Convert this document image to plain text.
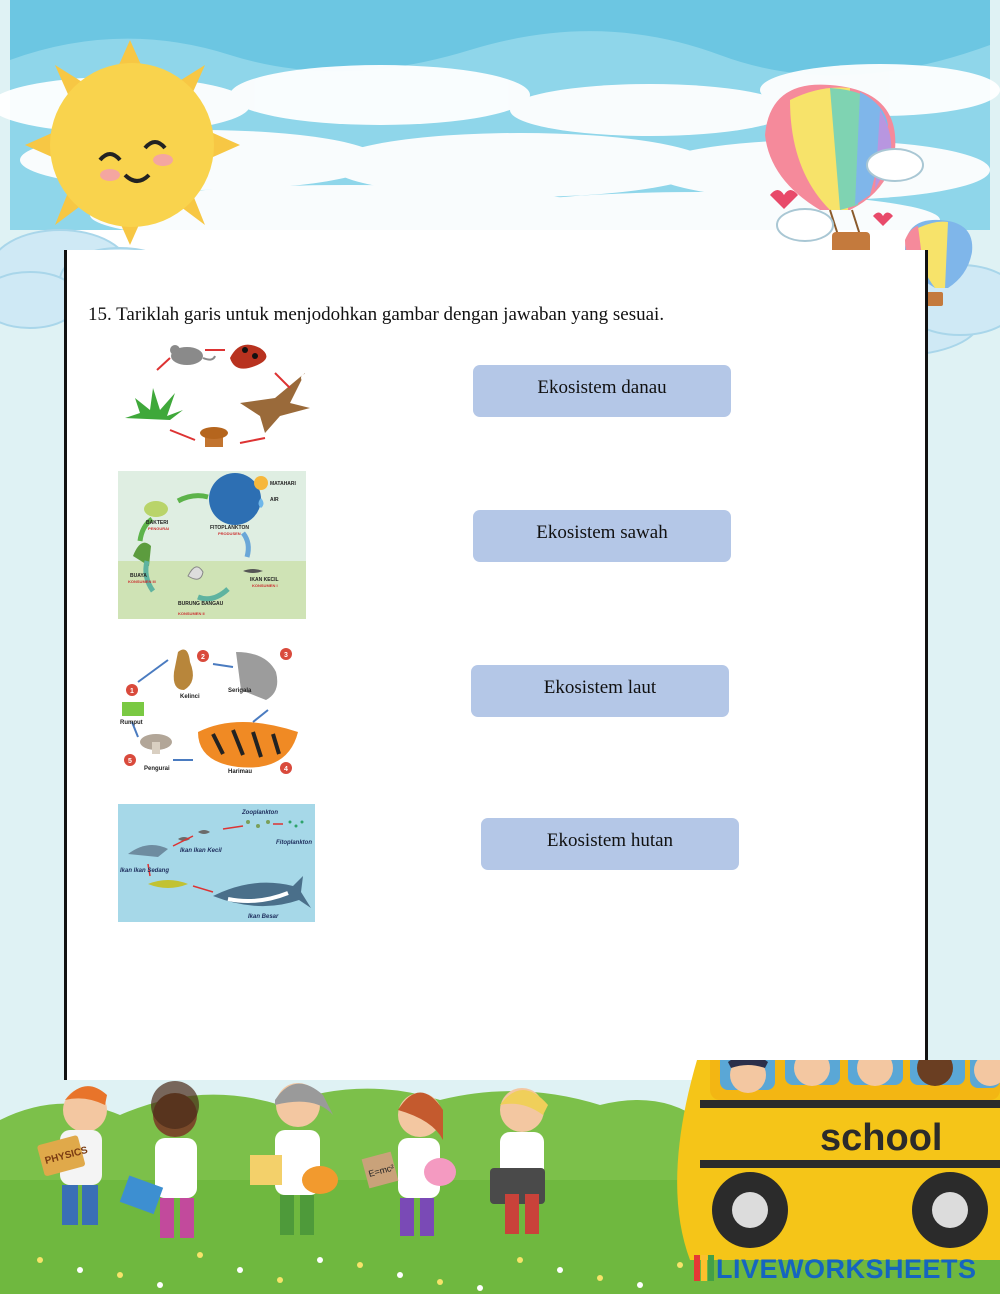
15. Tariklah garis untuk menjodohkan gambar dengan jawaban yang sesuai.
MATAHARI
AIR
BAKTERI
PENGURAI	FITOPLANKTON
PRODUSEN
BUAYA
KONSUMEN III	IKAN KECIL
KONSUMEN I
BURUNG BANGAU
KONSUMEN II
1
2	3
4
5
Kelinci
Serigala
Rumput
Pengurai	Harimau
Zooplankton
Ikan Ikan Kecil
Fitoplankton
Ikan Ikan Sedang
Ikan Besar
Ekosistem danau
Ekosistem sawah
Ekosistem laut
Ekosistem hutan
PHYSICS
E=mc²
school
LIVEWORKSHEETS
